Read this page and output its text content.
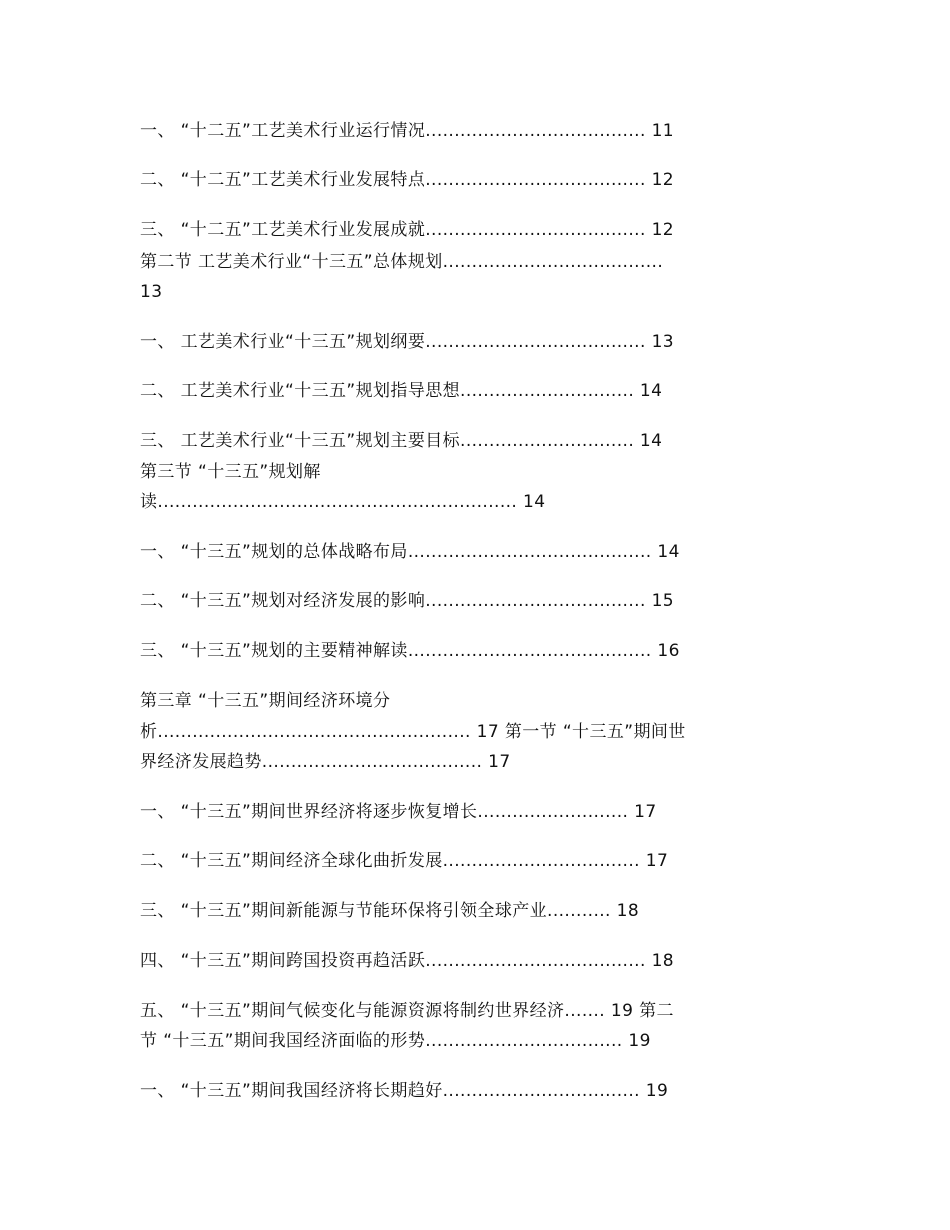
一、 “十二五”工艺美术行业运行情况...................................... 11
二、 “十二五”工艺美术行业发展特点...................................... 12
三、 “十二五”工艺美术行业发展成就...................................... 12
第二节 工艺美术行业“十三五”总体规划......................................
13
一、 工艺美术行业“十三五”规划纲要...................................... 13
二、 工艺美术行业“十三五”规划指导思想.............................. 14
三、 工艺美术行业“十三五”规划主要目标.............................. 14
第三节 “十三五”规划解
读.............................................................. 14
一、 “十三五”规划的总体战略布局.......................................... 14
二、 “十三五”规划对经济发展的影响...................................... 15
三、 “十三五”规划的主要精神解读.......................................... 16
第三章 “十三五”期间经济环境分
析...................................................... 17 第一节 “十三五”期间世
界经济发展趋势...................................... 17
一、 “十三五”期间世界经济将逐步恢复增长.......................... 17
二、 “十三五”期间经济全球化曲折发展.................................. 17
三、 “十三五”期间新能源与节能环保将引领全球产业........... 18
四、 “十三五”期间跨国投资再趋活跃...................................... 18
五、 “十三五”期间气候变化与能源资源将制约世界经济....... 19 第二
节 “十三五”期间我国经济面临的形势.................................. 19
一、 “十三五”期间我国经济将长期趋好.................................. 19
